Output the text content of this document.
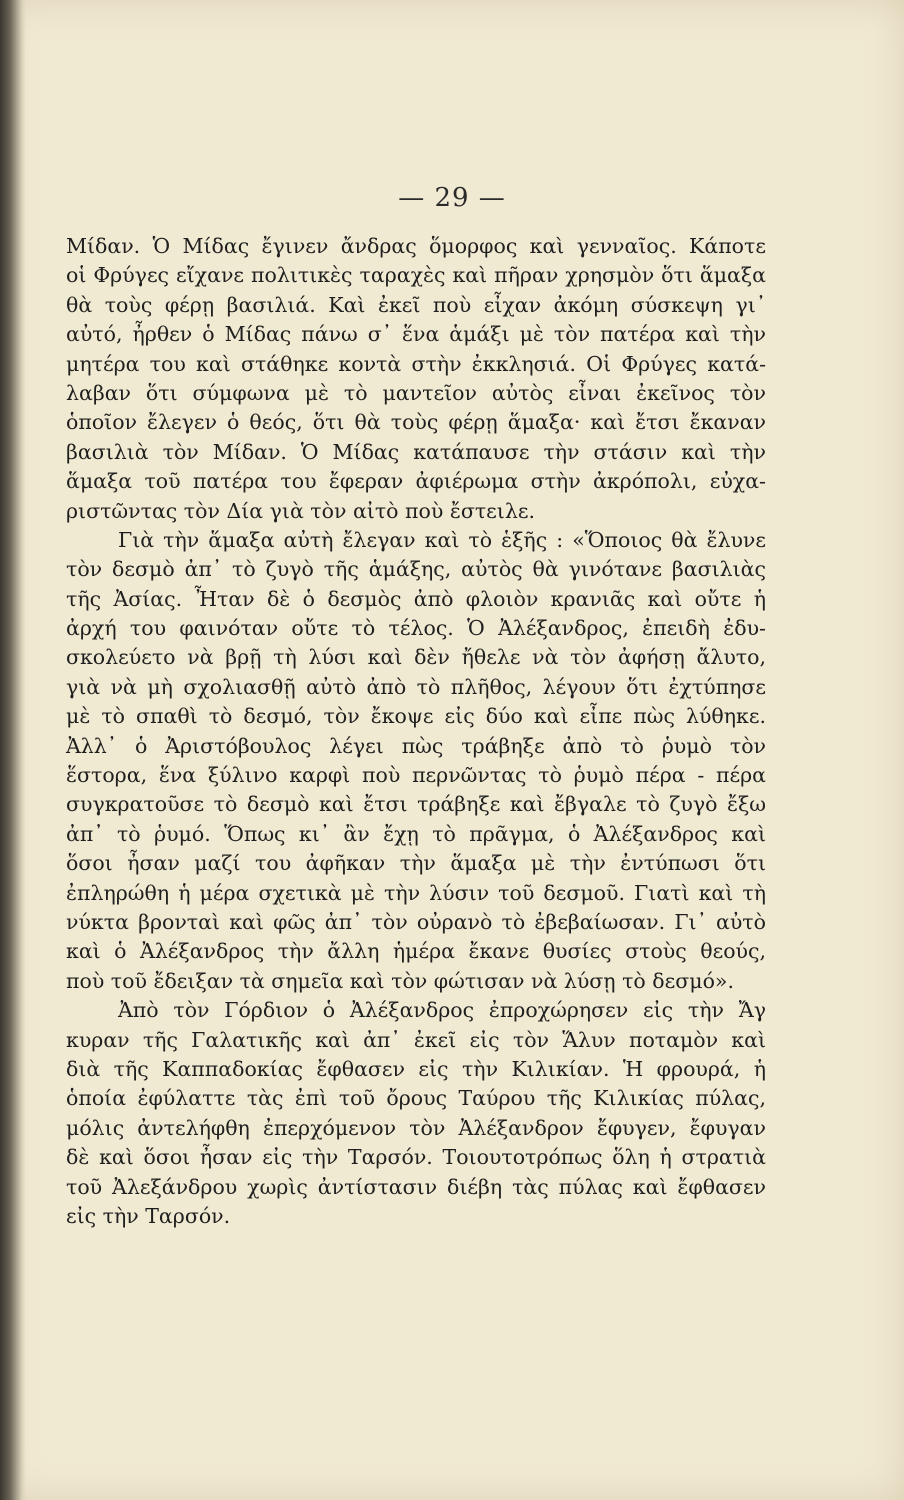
— 29 —
Μίδαν. Ὁ Μίδας ἔγινεν ἄνδρας ὅμορφος καὶ γενναῖος. Κάποτε
οἱ Φρύγες εἴχανε πολιτικὲς ταραχὲς καὶ πῆραν χρησμὸν ὅτι ἅμαξα
θὰ τοὺς φέρῃ βασιλιά. Καὶ ἐκεῖ ποὺ εἶχαν ἀκόμη σύσκεψη γι᾽
αὐτό, ἦρθεν ὁ Μίδας πάνω σ᾽ ἕνα ἁμάξι μὲ τὸν πατέρα καὶ τὴν
μητέρα του καὶ στάθηκε κοντὰ στὴν ἐκκλησιά. Οἱ Φρύγες κατά-
λαβαν ὅτι σύμφωνα μὲ τὸ μαντεῖον αὐτὸς εἶναι ἐκεῖνος τὸν
ὁποῖον ἔλεγεν ὁ θεός, ὅτι θὰ τοὺς φέρῃ ἅμαξα· καὶ ἔτσι ἔκαναν
βασιλιὰ τὸν Μίδαν. Ὁ Μίδας κατάπαυσε τὴν στάσιν καὶ τὴν
ἅμαξα τοῦ πατέρα του ἔφεραν ἀφιέρωμα στὴν ἀκρόπολι, εὐχα-
ριστῶντας τὸν Δία γιὰ τὸν αἰτὸ ποὺ ἔστειλε.
Γιὰ τὴν ἅμαξα αὐτὴ ἔλεγαν καὶ τὸ ἑξῆς : «Ὅποιος θὰ ἔλυνε
τὸν δεσμὸ ἀπ᾽ τὸ ζυγὸ τῆς ἁμάξης, αὐτὸς θὰ γινότανε βασιλιὰς
τῆς Ἀσίας. Ἦταν δὲ ὁ δεσμὸς ἀπὸ φλοιὸν κρανιᾶς καὶ οὔτε ἡ
ἀρχή του φαινόταν οὔτε τὸ τέλος. Ὁ Ἀλέξανδρος, ἐπειδὴ ἐδυ-
σκολεύετο νὰ βρῇ τὴ λύσι καὶ δὲν ἤθελε νὰ τὸν ἀφήσῃ ἄλυτο,
γιὰ νὰ μὴ σχολιασθῇ αὐτὸ ἀπὸ τὸ πλῆθος, λέγουν ὅτι ἐχτύπησε
μὲ τὸ σπαθὶ τὸ δεσμό, τὸν ἔκοψε εἰς δύο καὶ εἶπε πὼς λύθηκε.
Ἀλλ᾽ ὁ Ἀριστόβουλος λέγει πὼς τράβηξε ἀπὸ τὸ ῥυμὸ τὸν
ἕστορα, ἕνα ξύλινο καρφὶ ποὺ περνῶντας τὸ ῥυμὸ πέρα - πέρα
συγκρατοῦσε τὸ δεσμὸ καὶ ἔτσι τράβηξε καὶ ἔβγαλε τὸ ζυγὸ ἔξω
ἀπ᾽ τὸ ῥυμό. Ὅπως κι᾽ ἂν ἔχῃ τὸ πρᾶγμα, ὁ Ἀλέξανδρος καὶ
ὅσοι ἦσαν μαζί του ἀφῆκαν τὴν ἅμαξα μὲ τὴν ἐντύπωσι ὅτι
ἐπληρώθη ἡ μέρα σχετικὰ μὲ τὴν λύσιν τοῦ δεσμοῦ. Γιατὶ καὶ τὴ
νύκτα βρονταὶ καὶ φῶς ἀπ᾽ τὸν οὐρανὸ τὸ ἐβεβαίωσαν. Γι᾽ αὐτὸ
καὶ ὁ Ἀλέξανδρος τὴν ἄλλη ἡμέρα ἔκανε θυσίες στοὺς θεούς,
ποὺ τοῦ ἔδειξαν τὰ σημεῖα καὶ τὸν φώτισαν νὰ λύσῃ τὸ δεσμό».
Ἀπὸ τὸν Γόρδιον ὁ Ἀλέξανδρος ἐπροχώρησεν εἰς τὴν Ἄγ
κυραν τῆς Γαλατικῆς καὶ ἀπ᾽ ἐκεῖ εἰς τὸν Ἅλυν ποταμὸν καὶ
διὰ τῆς Καππαδοκίας ἔφθασεν εἰς τὴν Κιλικίαν. Ἡ φρουρά, ἡ
ὁποία ἐφύλαττε τὰς ἐπὶ τοῦ ὄρους Ταύρου τῆς Κιλικίας πύλας,
μόλις ἀντελήφθη ἐπερχόμενον τὸν Ἀλέξανδρον ἔφυγεν, ἔφυγαν
δὲ καὶ ὅσοι ἦσαν εἰς τὴν Ταρσόν. Τοιουτοτρόπως ὅλη ἡ στρατιὰ
τοῦ Ἀλεξάνδρου χωρὶς ἀντίστασιν διέβη τὰς πύλας καὶ ἔφθασεν
εἰς τὴν Ταρσόν.
